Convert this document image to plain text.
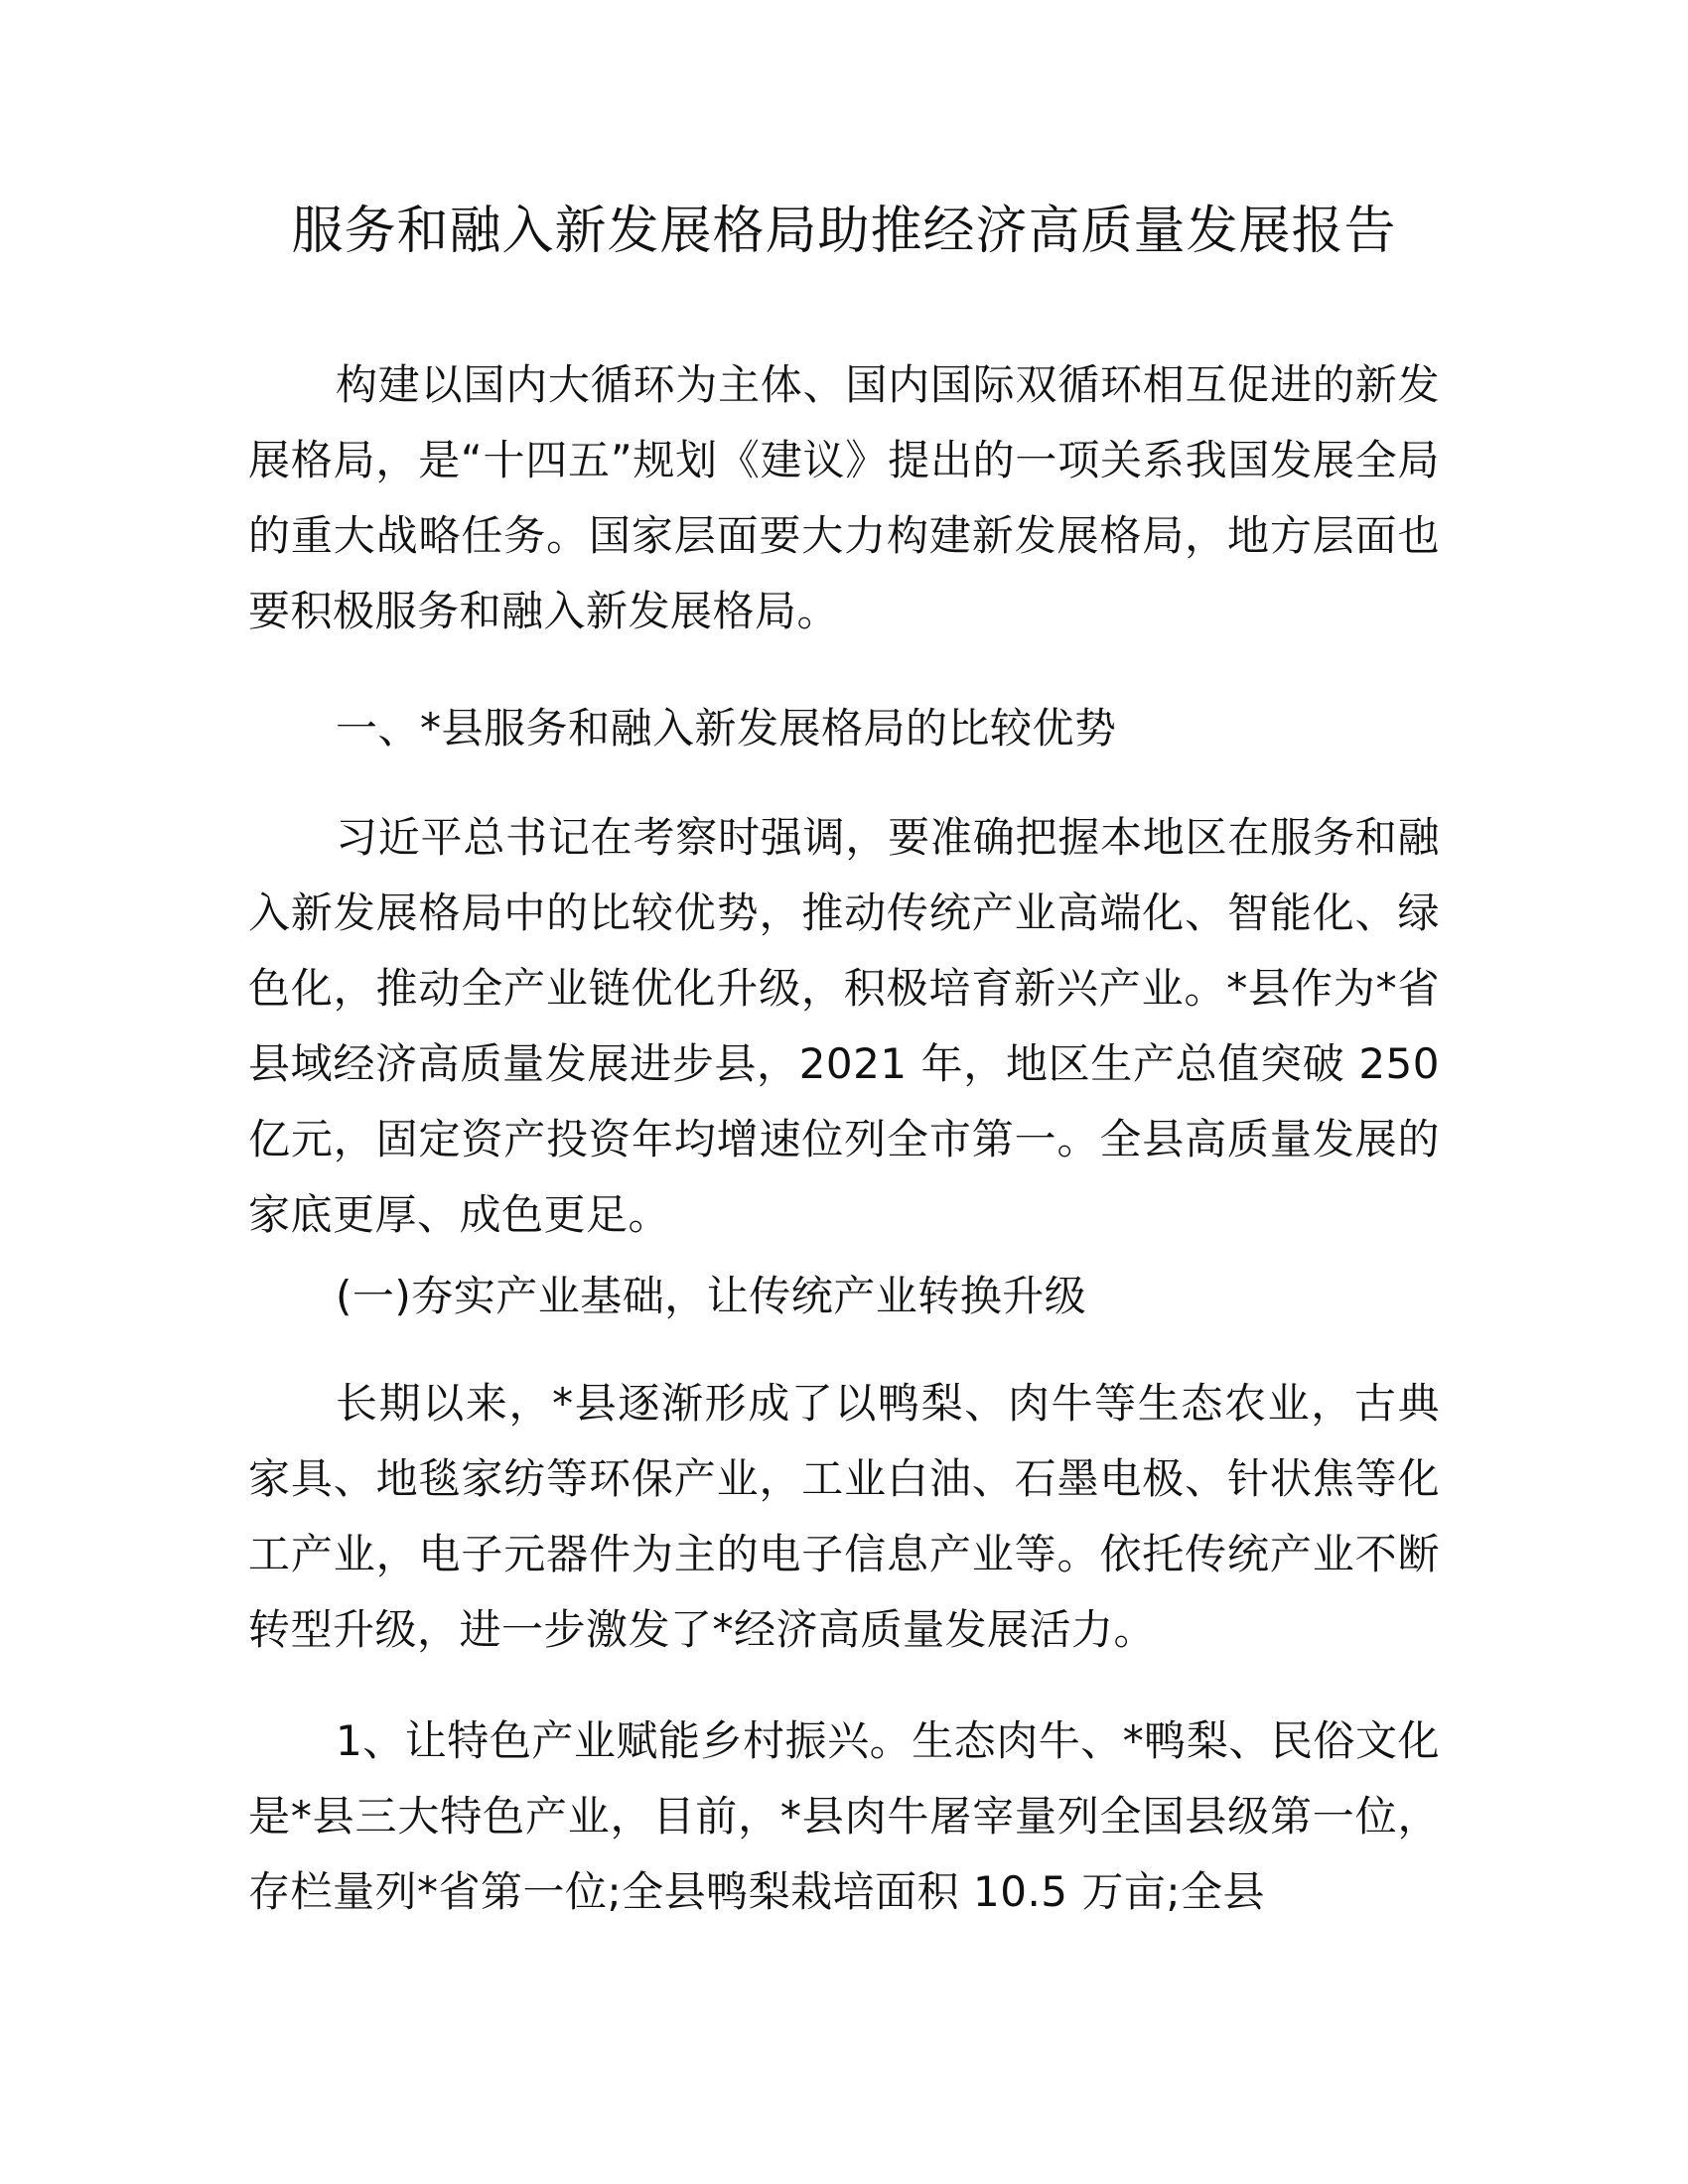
服务和融入新发展格局助推经济高质量发展报告

构建以国内大循环为主体、国内国际双循环相互促进的新发展格局，是“十四五”规划《建议》提出的一项关系我国发展全局的重大战略任务。国家层面要大力构建新发展格局，地方层面也要积极服务和融入新发展格局。

一、*县服务和融入新发展格局的比较优势

习近平总书记在考察时强调，要准确把握本地区在服务和融入新发展格局中的比较优势，推动传统产业高端化、智能化、绿色化，推动全产业链优化升级，积极培育新兴产业。*县作为*省县域经济高质量发展进步县，2021 年，地区生产总值突破 250 亿元，固定资产投资年均增速位列全市第一。全县高质量发展的家底更厚、成色更足。

(一)夯实产业基础，让传统产业转换升级

长期以来，*县逐渐形成了以鸭梨、肉牛等生态农业，古典家具、地毯家纺等环保产业，工业白油、石墨电极、针状焦等化工产业，电子元器件为主的电子信息产业等。依托传统产业不断转型升级，进一步激发了*经济高质量发展活力。

1、让特色产业赋能乡村振兴。生态肉牛、*鸭梨、民俗文化是*县三大特色产业，目前，*县肉牛屠宰量列全国县级第一位，存栏量列*省第一位;全县鸭梨栽培面积 10.5 万亩;全县
